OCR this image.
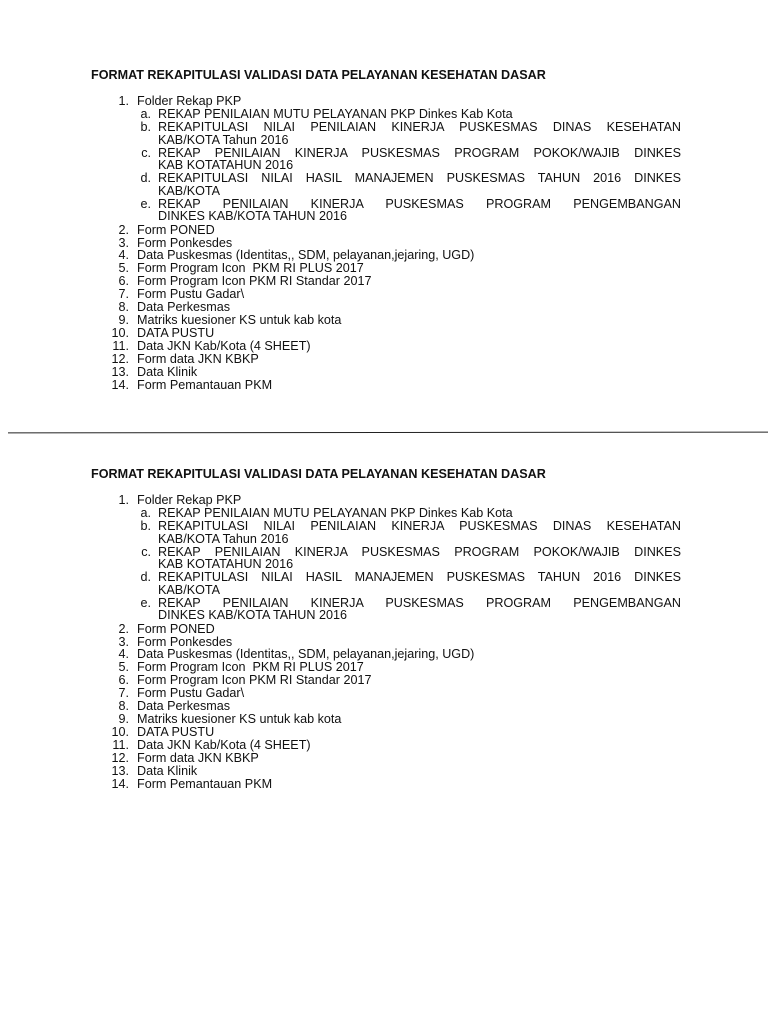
FORMAT REKAPITULASI VALIDASI DATA PELAYANAN KESEHATAN DASAR
1. Folder Rekap PKP
a. REKAP PENILAIAN MUTU PELAYANAN PKP Dinkes Kab Kota
b. REKAPITULASI NILAI PENILAIAN KINERJA PUSKESMAS DINAS KESEHATAN
KAB/KOTA Tahun 2016
c. REKAP PENILAIAN KINERJA PUSKESMAS PROGRAM POKOK/WAJIB DINKES
KAB KOTATAHUN 2016
d. REKAPITULASI NILAI HASIL MANAJEMEN PUSKESMAS TAHUN 2016 DINKES
KAB/KOTA
e. REKAP PENILAIAN KINERJA PUSKESMAS PROGRAM PENGEMBANGAN
DINKES KAB/KOTA TAHUN 2016
2. Form PONED
3. Form Ponkesdes
4. Data Puskesmas (Identitas,, SDM, pelayanan,jejaring, UGD)
5. Form Program Icon  PKM RI PLUS 2017
6. Form Program Icon PKM RI Standar 2017
7. Form Pustu Gadar\
8. Data Perkesmas
9. Matriks kuesioner KS untuk kab kota
10. DATA PUSTU
11. Data JKN Kab/Kota (4 SHEET)
12. Form data JKN KBKP
13. Data Klinik
14. Form Pemantauan PKM
FORMAT REKAPITULASI VALIDASI DATA PELAYANAN KESEHATAN DASAR
1. Folder Rekap PKP
a. REKAP PENILAIAN MUTU PELAYANAN PKP Dinkes Kab Kota
b. REKAPITULASI NILAI PENILAIAN KINERJA PUSKESMAS DINAS KESEHATAN
KAB/KOTA Tahun 2016
c. REKAP PENILAIAN KINERJA PUSKESMAS PROGRAM POKOK/WAJIB DINKES
KAB KOTATAHUN 2016
d. REKAPITULASI NILAI HASIL MANAJEMEN PUSKESMAS TAHUN 2016 DINKES
KAB/KOTA
e. REKAP PENILAIAN KINERJA PUSKESMAS PROGRAM PENGEMBANGAN
DINKES KAB/KOTA TAHUN 2016
2. Form PONED
3. Form Ponkesdes
4. Data Puskesmas (Identitas,, SDM, pelayanan,jejaring, UGD)
5. Form Program Icon  PKM RI PLUS 2017
6. Form Program Icon PKM RI Standar 2017
7. Form Pustu Gadar\
8. Data Perkesmas
9. Matriks kuesioner KS untuk kab kota
10. DATA PUSTU
11. Data JKN Kab/Kota (4 SHEET)
12. Form data JKN KBKP
13. Data Klinik
14. Form Pemantauan PKM
